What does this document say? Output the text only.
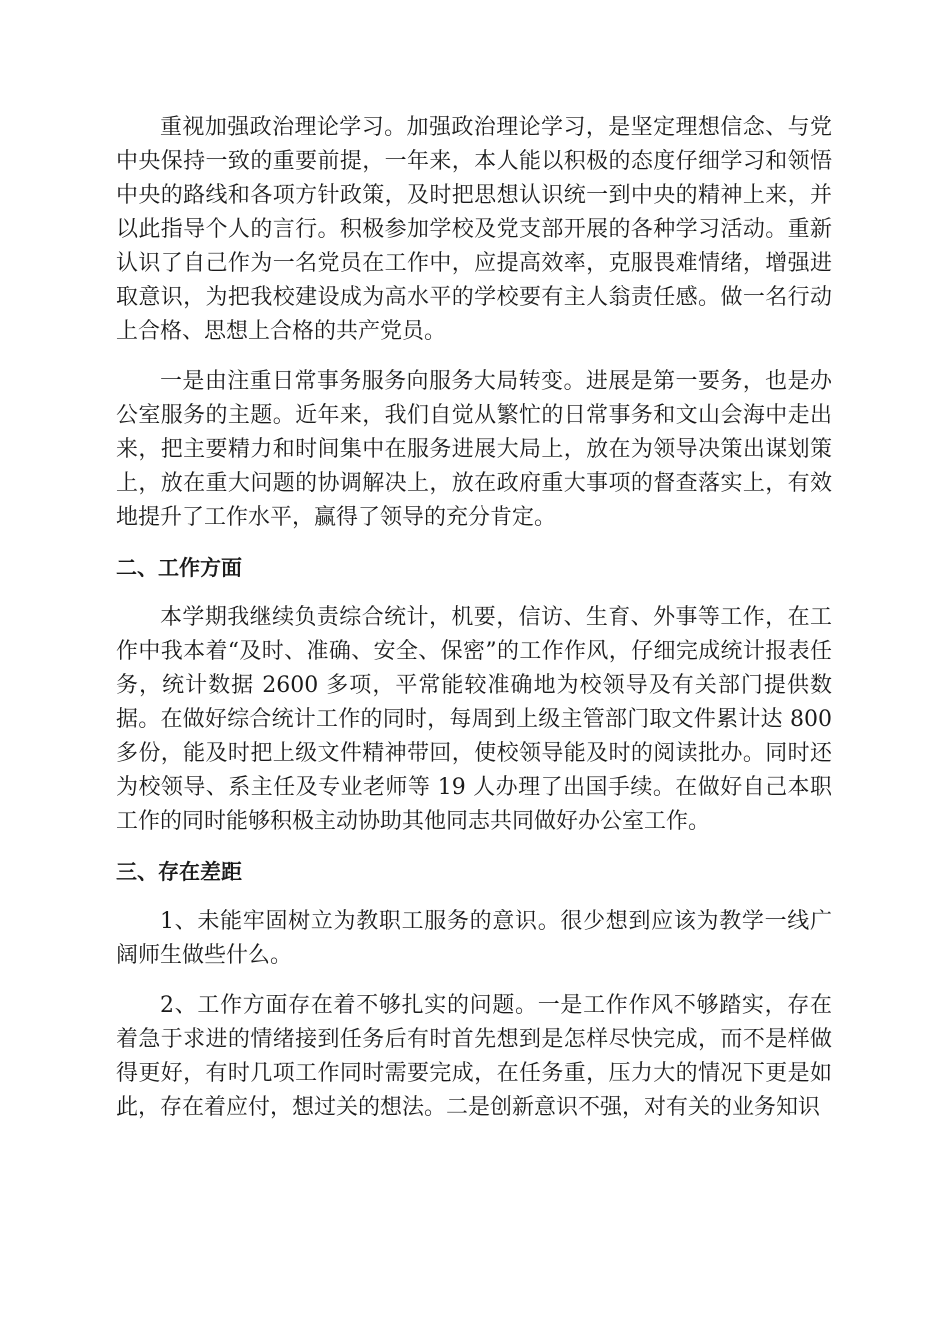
重视加强政治理论学习。加强政治理论学习，是坚定理想信念、与党中央保持一致的重要前提，一年来，本人能以积极的态度仔细学习和领悟中央的路线和各项方针政策，及时把思想认识统一到中央的精神上来，并以此指导个人的言行。积极参加学校及党支部开展的各种学习活动。重新认识了自己作为一名党员在工作中，应提高效率，克服畏难情绪，增强进取意识，为把我校建设成为高水平的学校要有主人翁责任感。做一名行动上合格、思想上合格的共产党员。

一是由注重日常事务服务向服务大局转变。进展是第一要务，也是办公室服务的主题。近年来，我们自觉从繁忙的日常事务和文山会海中走出来，把主要精力和时间集中在服务进展大局上，放在为领导决策出谋划策上，放在重大问题的协调解决上，放在政府重大事项的督查落实上，有效地提升了工作水平，赢得了领导的充分肯定。

二、工作方面

本学期我继续负责综合统计，机要，信访、生育、外事等工作，在工作中我本着“及时、准确、安全、保密”的工作作风，仔细完成统计报表任务，统计数据 2600 多项，平常能较准确地为校领导及有关部门提供数据。在做好综合统计工作的同时，每周到上级主管部门取文件累计达 800 多份，能及时把上级文件精神带回，使校领导能及时的阅读批办。同时还为校领导、系主任及专业老师等 19 人办理了出国手续。在做好自己本职工作的同时能够积极主动协助其他同志共同做好办公室工作。

三、存在差距

1、未能牢固树立为教职工服务的意识。很少想到应该为教学一线广阔师生做些什么。

2、工作方面存在着不够扎实的问题。一是工作作风不够踏实，存在着急于求进的情绪接到任务后有时首先想到是怎样尽快完成，而不是样做得更好，有时几项工作同时需要完成，在任务重，压力大的情况下更是如此，存在着应付，想过关的想法。二是创新意识不强，对有关的业务知识
